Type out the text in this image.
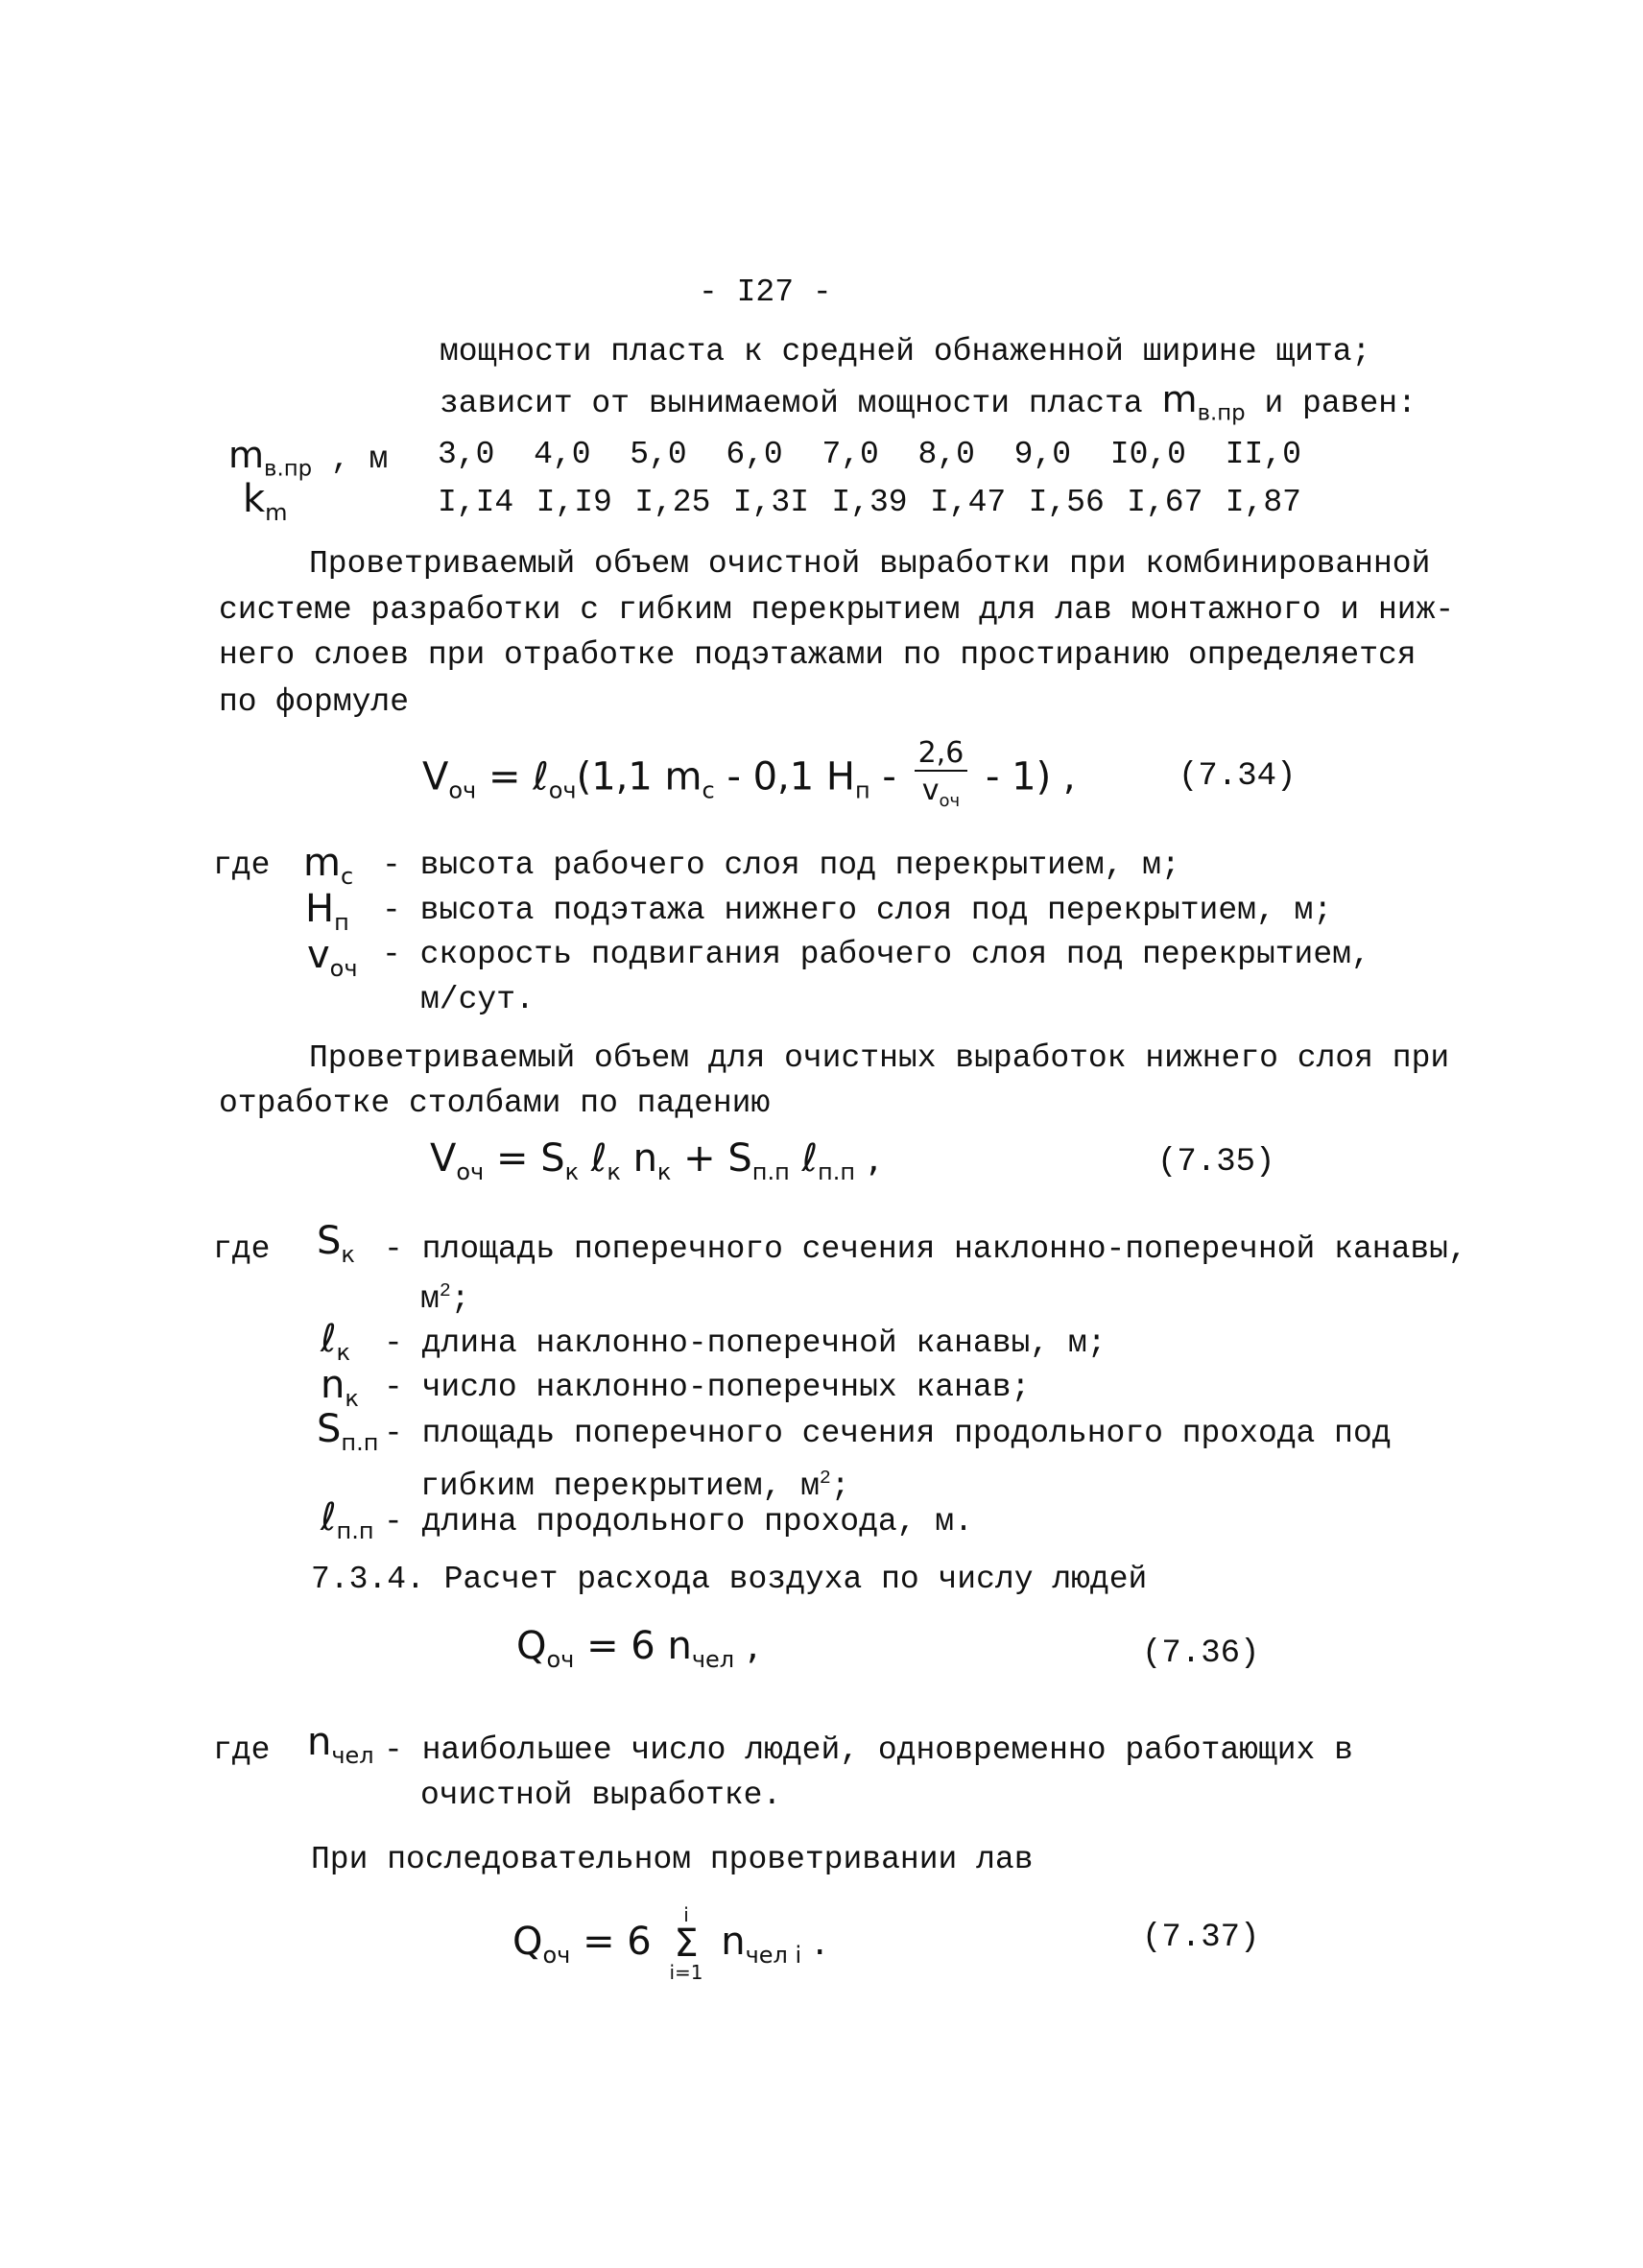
- I27 -
мощности пласта к средней обнаженной ширине щита;
зависит от вынимаемой мощности пласта $m_{в.пр}$ и равен:
$m_{в.пр}$ , м 3,0 4,0 5,0 6,0 7,0 8,0 9,0 I0,0 II,0
$k_m$	I,I4 I,I9 I,25 I,3I I,39 I,47 I,56 I,67 I,87
Проветриваемый объем очистной выработки при комбинированной
системе разработки с гибким перекрытием для лав монтажного и ниж-
него слоев при отработке подэтажами по простиранию определяется
по формуле
$V_{оч}$ = ℓ$_{оч}$(1,1 $m_c - 0,1$ $H_п - \frac{2,6}{v_{оч}} - 1$) ,	(7.34)
где $m_c$ - высота рабочего слоя под перекрытием, м;
$H_п$ - высота подэтажа нижнего слоя под перекрытием, м;
$v_{оч}$ - скорость подвигания рабочего слоя под перекрытием,
м/сут.
Проветриваемый объем для очистных выработок нижнего слоя при
отработке столбами по падению
$V_{оч} = S_к$ ℓ$_к$ $n_к + S_{п.п}$ ℓ$_{п.п}$ ,	(7.35)
где $S_к$ - площадь поперечного сечения наклонно-поперечной канавы,
$м^2$;
ℓ$_к$ - длина наклонно-поперечной канавы, м;
$n_к$ - число наклонно-поперечных канав;
$S_{п.п}$ - площадь поперечного сечения продольного прохода под
гибким перекрытием, $м^2$;
ℓ$_{п.п}$ - длина продольного прохода, м.
7.3.4. Расчет расхода воздуха по числу людей
$Q_{оч} = 6$ $n_{чел}$ ,	(7.36)
где $n_{чел}$ - наибольшее число людей, одновременно работающих в
очистной выработке.
При последовательном проветривании лав
$Q_{оч} = 6$
i
Σ
i=1
$n_{чел i}$ .	(7.37)
